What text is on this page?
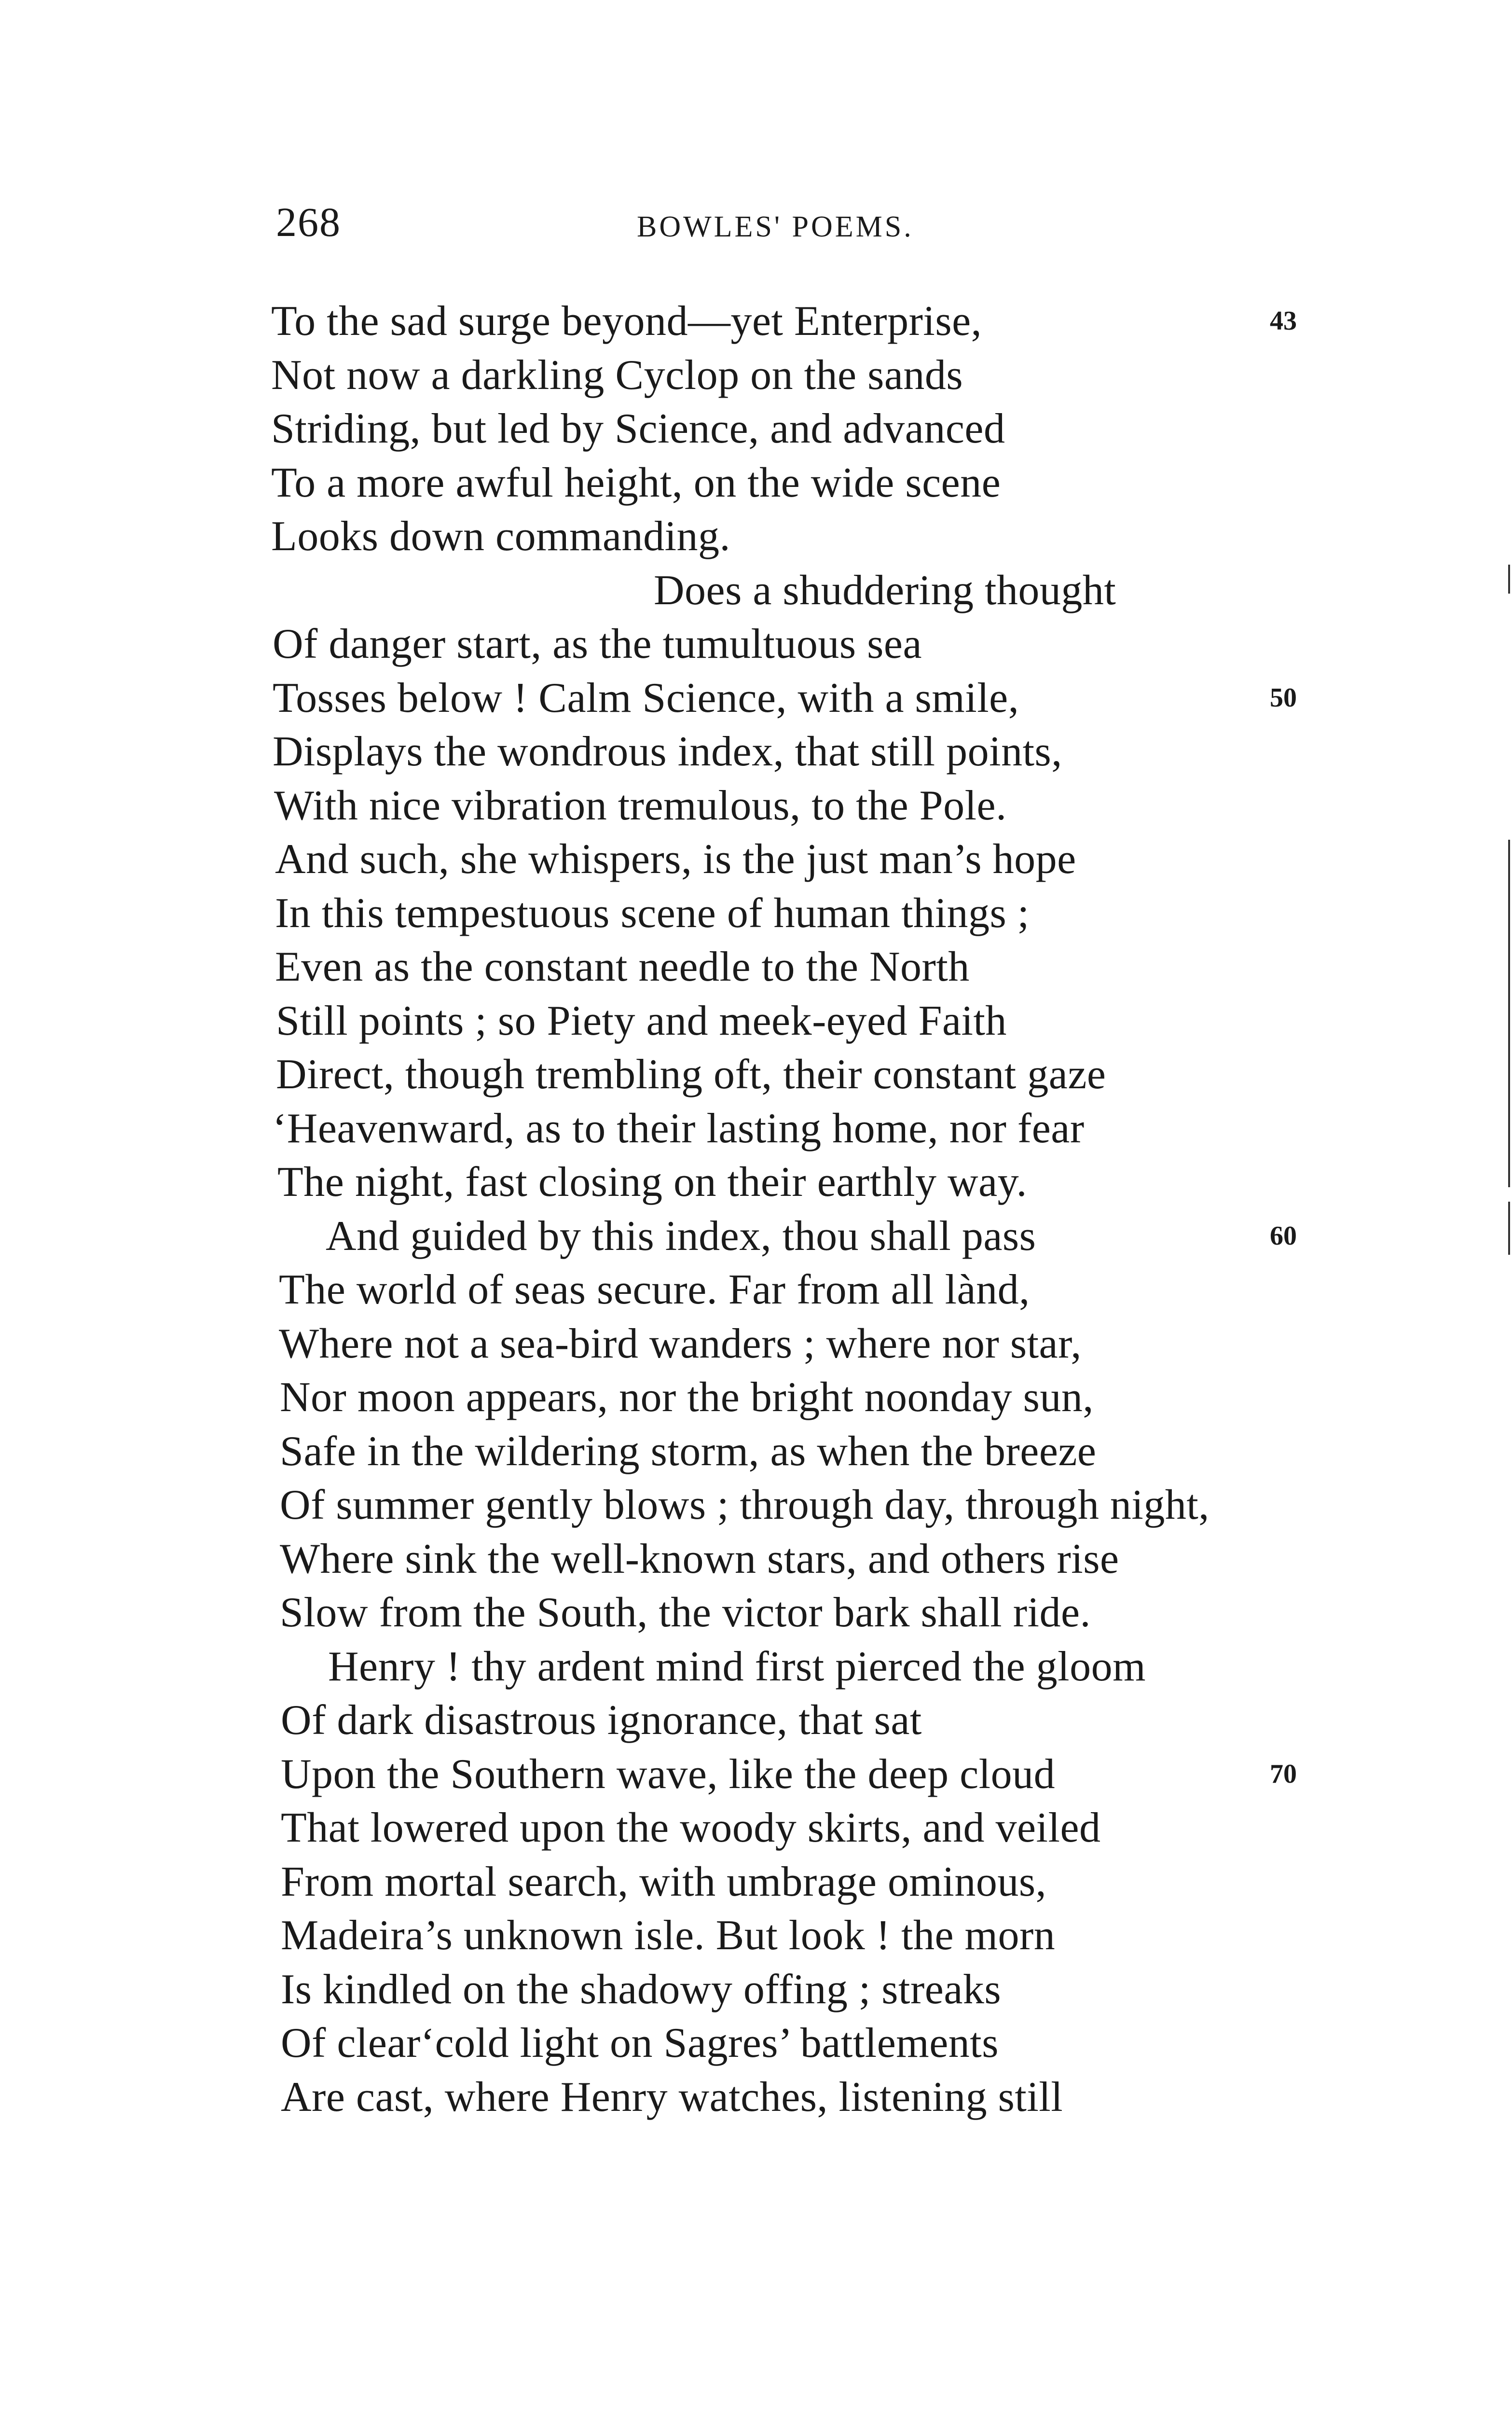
268	BOWLES' POEMS.
To the sad surge beyond—yet Enterprise,
Not now a darkling Cyclop on the sands
Striding, but led by Science, and advanced
To a more awful height, on the wide scene
Looks down commanding.
Does a shuddering thought
Of danger start, as the tumultuous sea
Tosses below ! Calm Science, with a smile,
Displays the wondrous index, that still points,
With nice vibration tremulous, to the Pole.
And such, she whispers, is the just man’s hope
In this tempestuous scene of human things ;
Even as the constant needle to the North
Still points ; so Piety and meek-eyed Faith
Direct, though trembling oft, their constant gaze
ʻHeavenward, as to their lasting home, nor fear
The night, fast closing on their earthly way.
And guided by this index, thou shall pass
The world of seas secure. Far from all lànd,
Where not a sea-bird wanders ; where nor star,
Nor moon appears, nor the bright noonday sun,
Safe in the wildering storm, as when the breeze
Of summer gently blows ; through day, through night,
Where sink the well-known stars, and others rise
Slow from the South, the victor bark shall ride.
Henry ! thy ardent mind first pierced the gloom
Of dark disastrous ignorance, that sat
Upon the Southern wave, like the deep cloud
That lowered upon the woody skirts, and veiled
From mortal search, with umbrage ominous,
Madeira’s unknown isle. But look ! the morn
Is kindled on the shadowy offing ; streaks
Of clearʻcold light on Sagres’ battlements
Are cast, where Henry watches, listening still
43
50
60
70
